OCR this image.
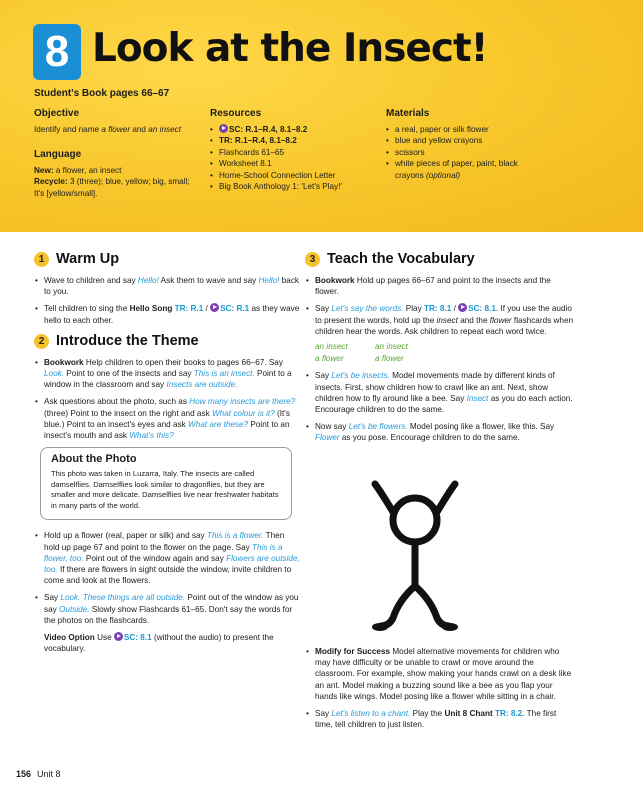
8 Look at the Insect!
Student's Book pages 66–67
Objective
Identify and name a flower and an insect
Language
New: a flower, an insect
Recycle: 3 (three); blue, yellow; big, small; It's [yellow/small].
Resources
• SC: R.1–R.4, 8.1–8.2
• TR: R.1–R.4, 8.1–8.2
• Flashcards 61–65
• Worksheet 8.1
• Home-School Connection Letter
• Big Book Anthology 1: 'Let's Play!'
Materials
• a real, paper or silk flower
• blue and yellow crayons
• scissors
• white pieces of paper, paint, black crayons (optional)
1 Warm Up
• Wave to children and say Hello! Ask them to wave and say Hello! back to you.
• Tell children to sing the Hello Song TR: R.1 / SC: R.1 as they wave hello to each other.
2 Introduce the Theme
• Bookwork Help children to open their books to pages 66–67. Say Look. Point to one of the insects and say This is an insect. Point to a window in the classroom and say Insects are outside.
• Ask questions about the photo, such as How many insects are there? (three) Point to the insect on the right and ask What colour is it? (It's blue.) Point to an insect's eyes and ask What are these? Point to an insect's mouth and ask What's this?
About the Photo

This photo was taken in Luzarra, Italy. The insects are called damselflies. Damselflies look similar to dragonflies, but they are smaller and more delicate. Damselflies live near freshwater habitats in many parts of the world.

• Hold up a flower (real, paper or silk) and say This is a flower. Then hold up page 67 and point to the flower on the page. Say This is a flower, too. Point out of the window again and say Flowers are outside, too. If there are flowers in sight outside the window, invite children to come and look at the flowers.
• Say Look. These things are all outside. Point out of the window as you say Outside. Slowly show Flashcards 61–65. Don't say the words for the photos on the flashcards.
Video Option Use SC: 8.1 (without the audio) to present the vocabulary.
3 Teach the Vocabulary
• Bookwork Hold up pages 66–67 and point to the insects and the flower.
• Say Let's say the words. Play TR: 8.1 / SC: 8.1. If you use the audio to present the words, hold up the insect and the flower flashcards when children hear the words. Ask children to repeat each word twice.
an insect	an insect
a flower	a flower
• Say Let's be insects. Model movements made by different kinds of insects. First, show children how to crawl like an ant. Next, show children how to fly around like a bee. Say Insect as you do each action. Encourage children to do the same.
• Now say Let's be flowers. Model posing like a flower, like this. Say Flower as you pose. Encourage children to do the same.
• Modify for Success Model alternative movements for children who may have difficulty or be unable to crawl or move around the classroom. For example, show making your hands crawl on a desk like an ant. Model making a buzzing sound like a bee as you flap your hands like wings. Model posing like a flower while sitting in a chair.
• Say Let's listen to a chant. Play the Unit 8 Chant TR: 8.2. The first time, tell children to just listen.
156 Unit 8
